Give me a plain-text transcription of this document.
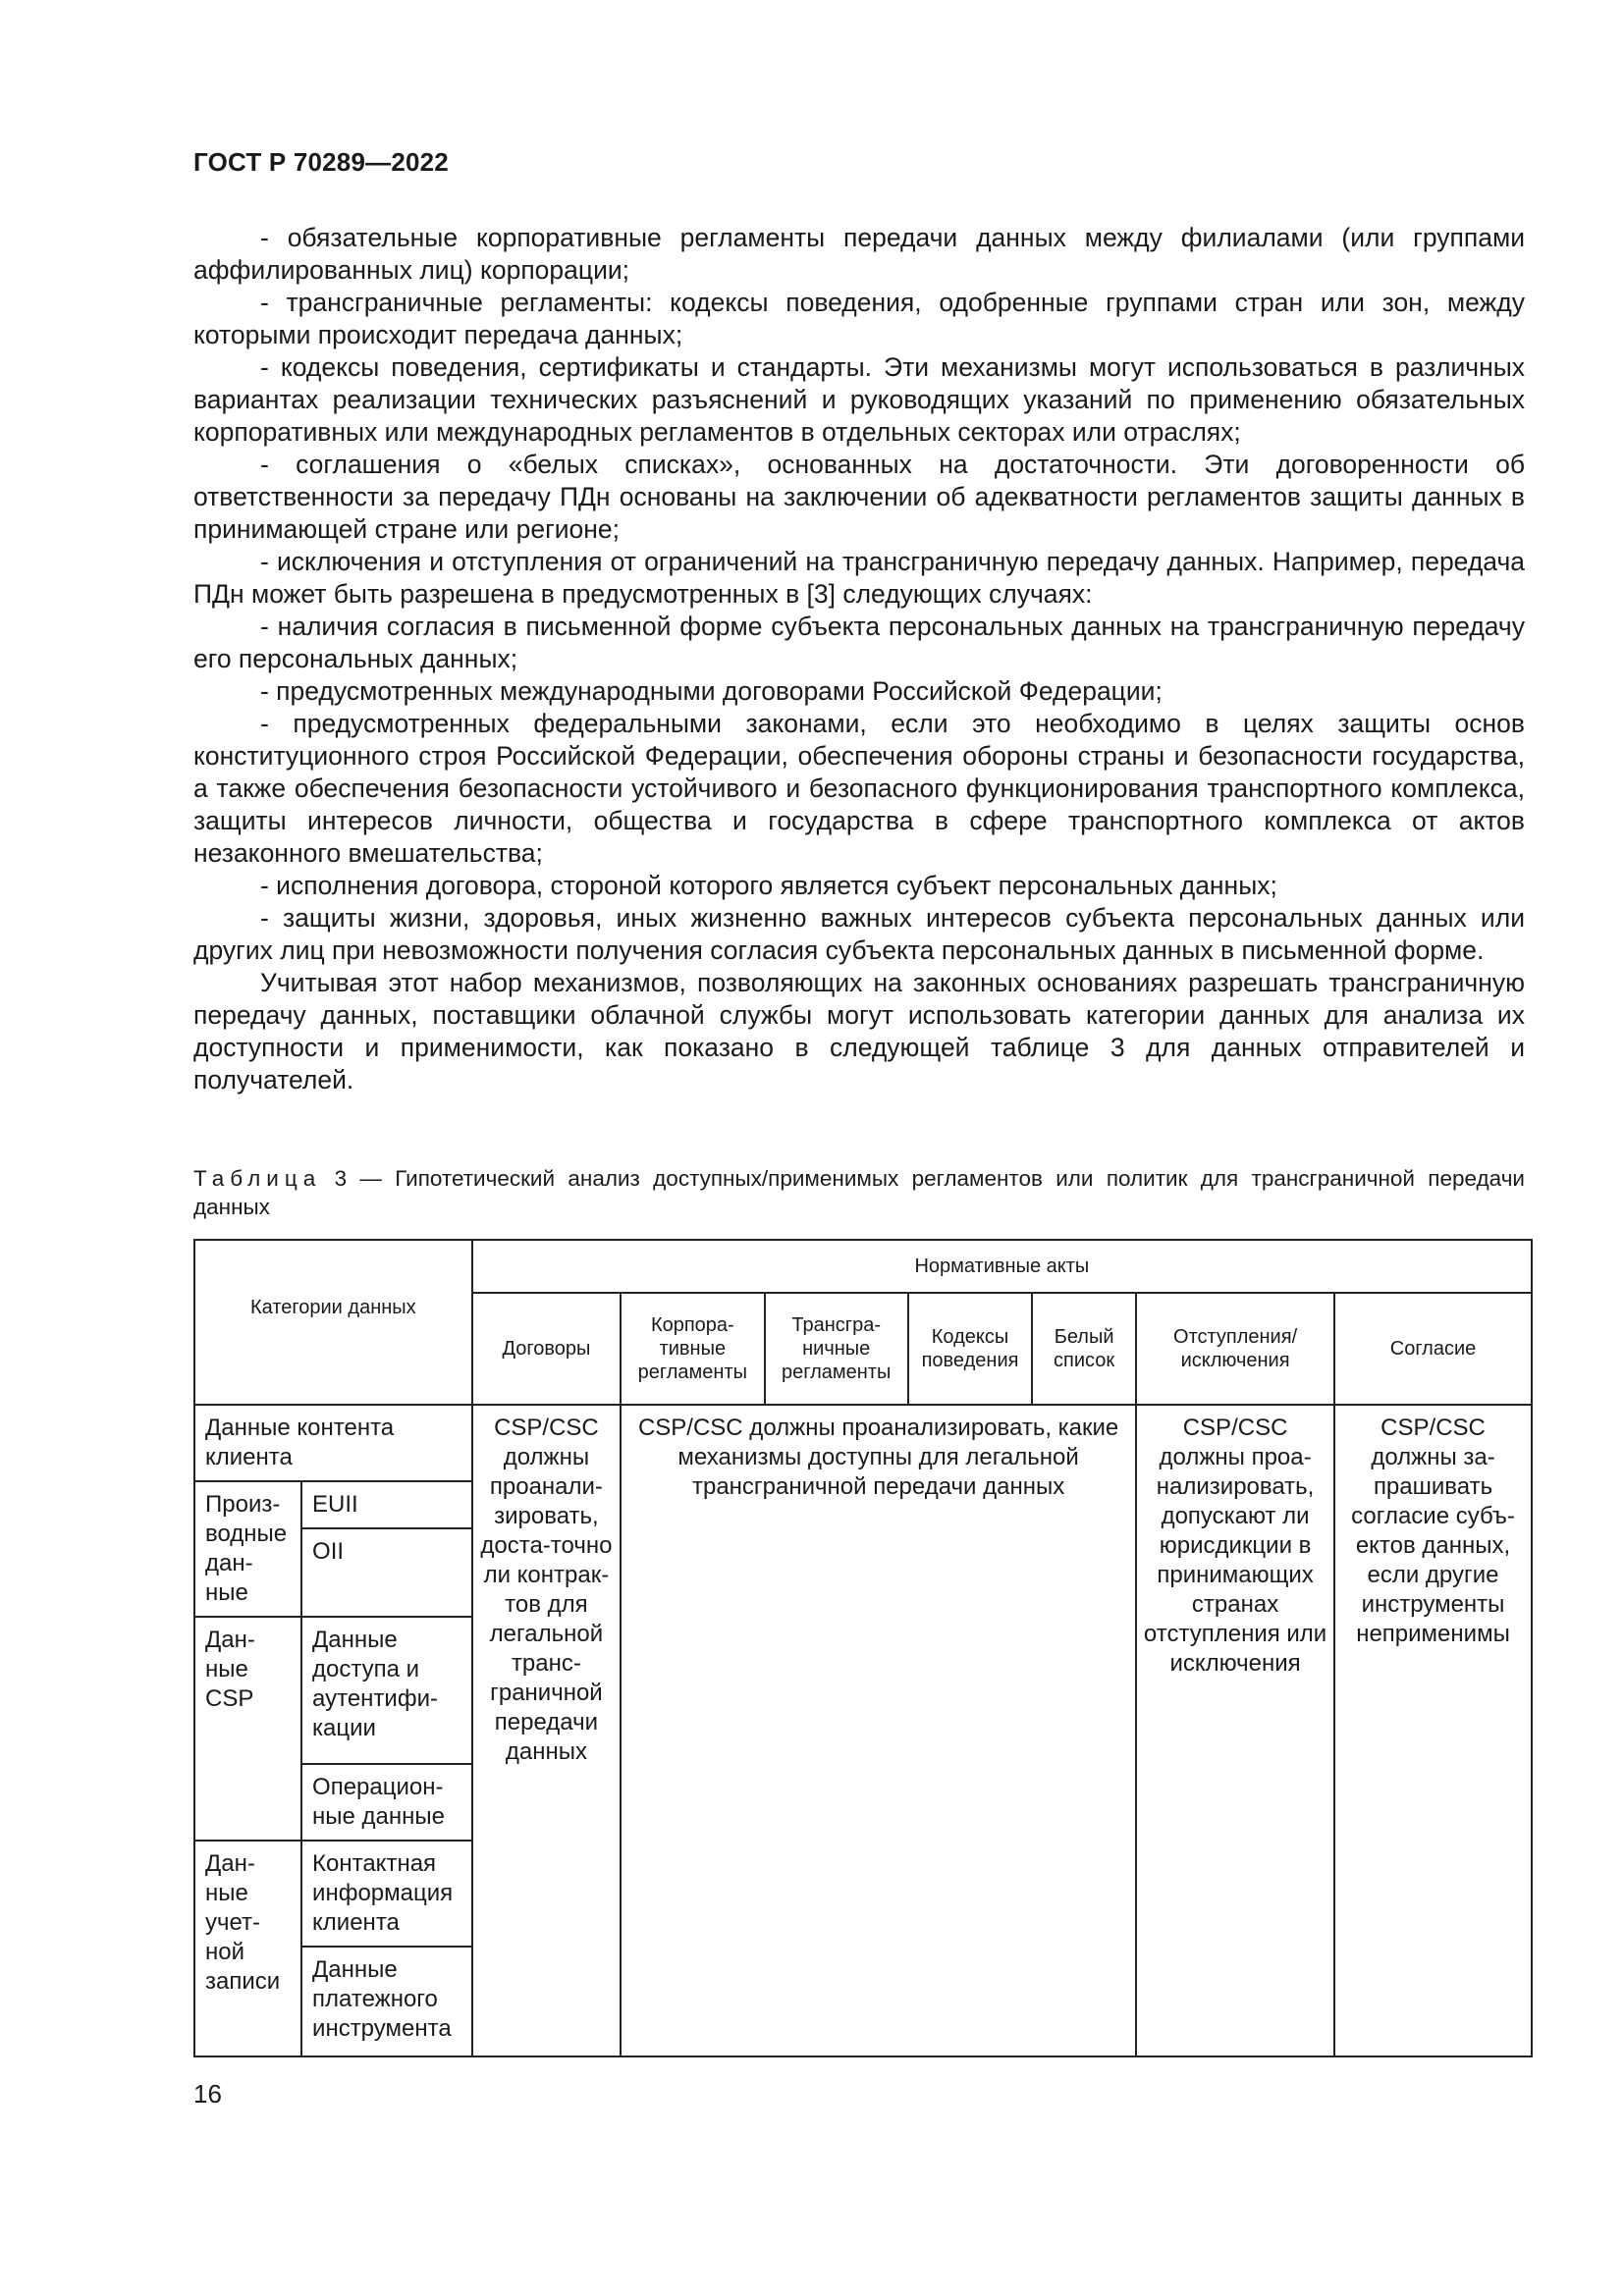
ГОСТ Р 70289—2022

- обязательные корпоративные регламенты передачи данных между филиалами (или группами аффилированных лиц) корпорации;

- трансграничные регламенты: кодексы поведения, одобренные группами стран или зон, между которыми происходит передача данных;

- кодексы поведения, сертификаты и стандарты. Эти механизмы могут использоваться в различных вариантах реализации технических разъяснений и руководящих указаний по применению обязательных корпоративных или международных регламентов в отдельных секторах или отраслях;

- соглашения о «белых списках», основанных на достаточности. Эти договоренности об ответственности за передачу ПДн основаны на заключении об адекватности регламентов защиты данных в принимающей стране или регионе;

- исключения и отступления от ограничений на трансграничную передачу данных. Например, передача ПДн может быть разрешена в предусмотренных в [3] следующих случаях:

- наличия согласия в письменной форме субъекта персональных данных на трансграничную передачу его персональных данных;

- предусмотренных международными договорами Российской Федерации;

- предусмотренных федеральными законами, если это необходимо в целях защиты основ конституционного строя Российской Федерации, обеспечения обороны страны и безопасности государства, а также обеспечения безопасности устойчивого и безопасного функционирования транспортного комплекса, защиты интересов личности, общества и государства в сфере транспортного комплекса от актов незаконного вмешательства;

- исполнения договора, стороной которого является субъект персональных данных;

- защиты жизни, здоровья, иных жизненно важных интересов субъекта персональных данных или других лиц при невозможности получения согласия субъекта персональных данных в письменной форме.

Учитывая этот набор механизмов, позволяющих на законных основаниях разрешать трансграничную передачу данных, поставщики облачной службы могут использовать категории данных для анализа их доступности и применимости, как показано в следующей таблице 3 для данных отправителей и получателей.

Таблица 3 — Гипотетический анализ доступных/применимых регламентов или политик для трансграничной передачи данных
Категории данных		Нормативные акты						
		Договоры	Корпора-тивные регламенты	Трансгра-ничные регламенты	Кодексы поведения	Белый список	Отступления/ исключения	Согласие
Данные контента клиента		CSP/CSC должны проанали-зировать, доста-точно ли контрак-тов для легальной транс-граничной передачи данных	CSP/CSC должны проанализировать, какие механизмы доступны для легальной трансграничной передачи данных				CSP/CSC должны проа-нализировать, допускают ли юрисдикции в принимающих странах отступления или исключения	CSP/CSC должны за-прашивать согласие субъ-ектов данных, если другие инструменты неприменимы
Произ-водные дан-ные	EUII							
	OII							
Дан-ные CSP	Данные доступа и аутентифи-кации							
	Операцион-ные данные							
Дан-ные учет-ной записи	Контактная информация клиента							
	Данные платежного инструмента							

16
